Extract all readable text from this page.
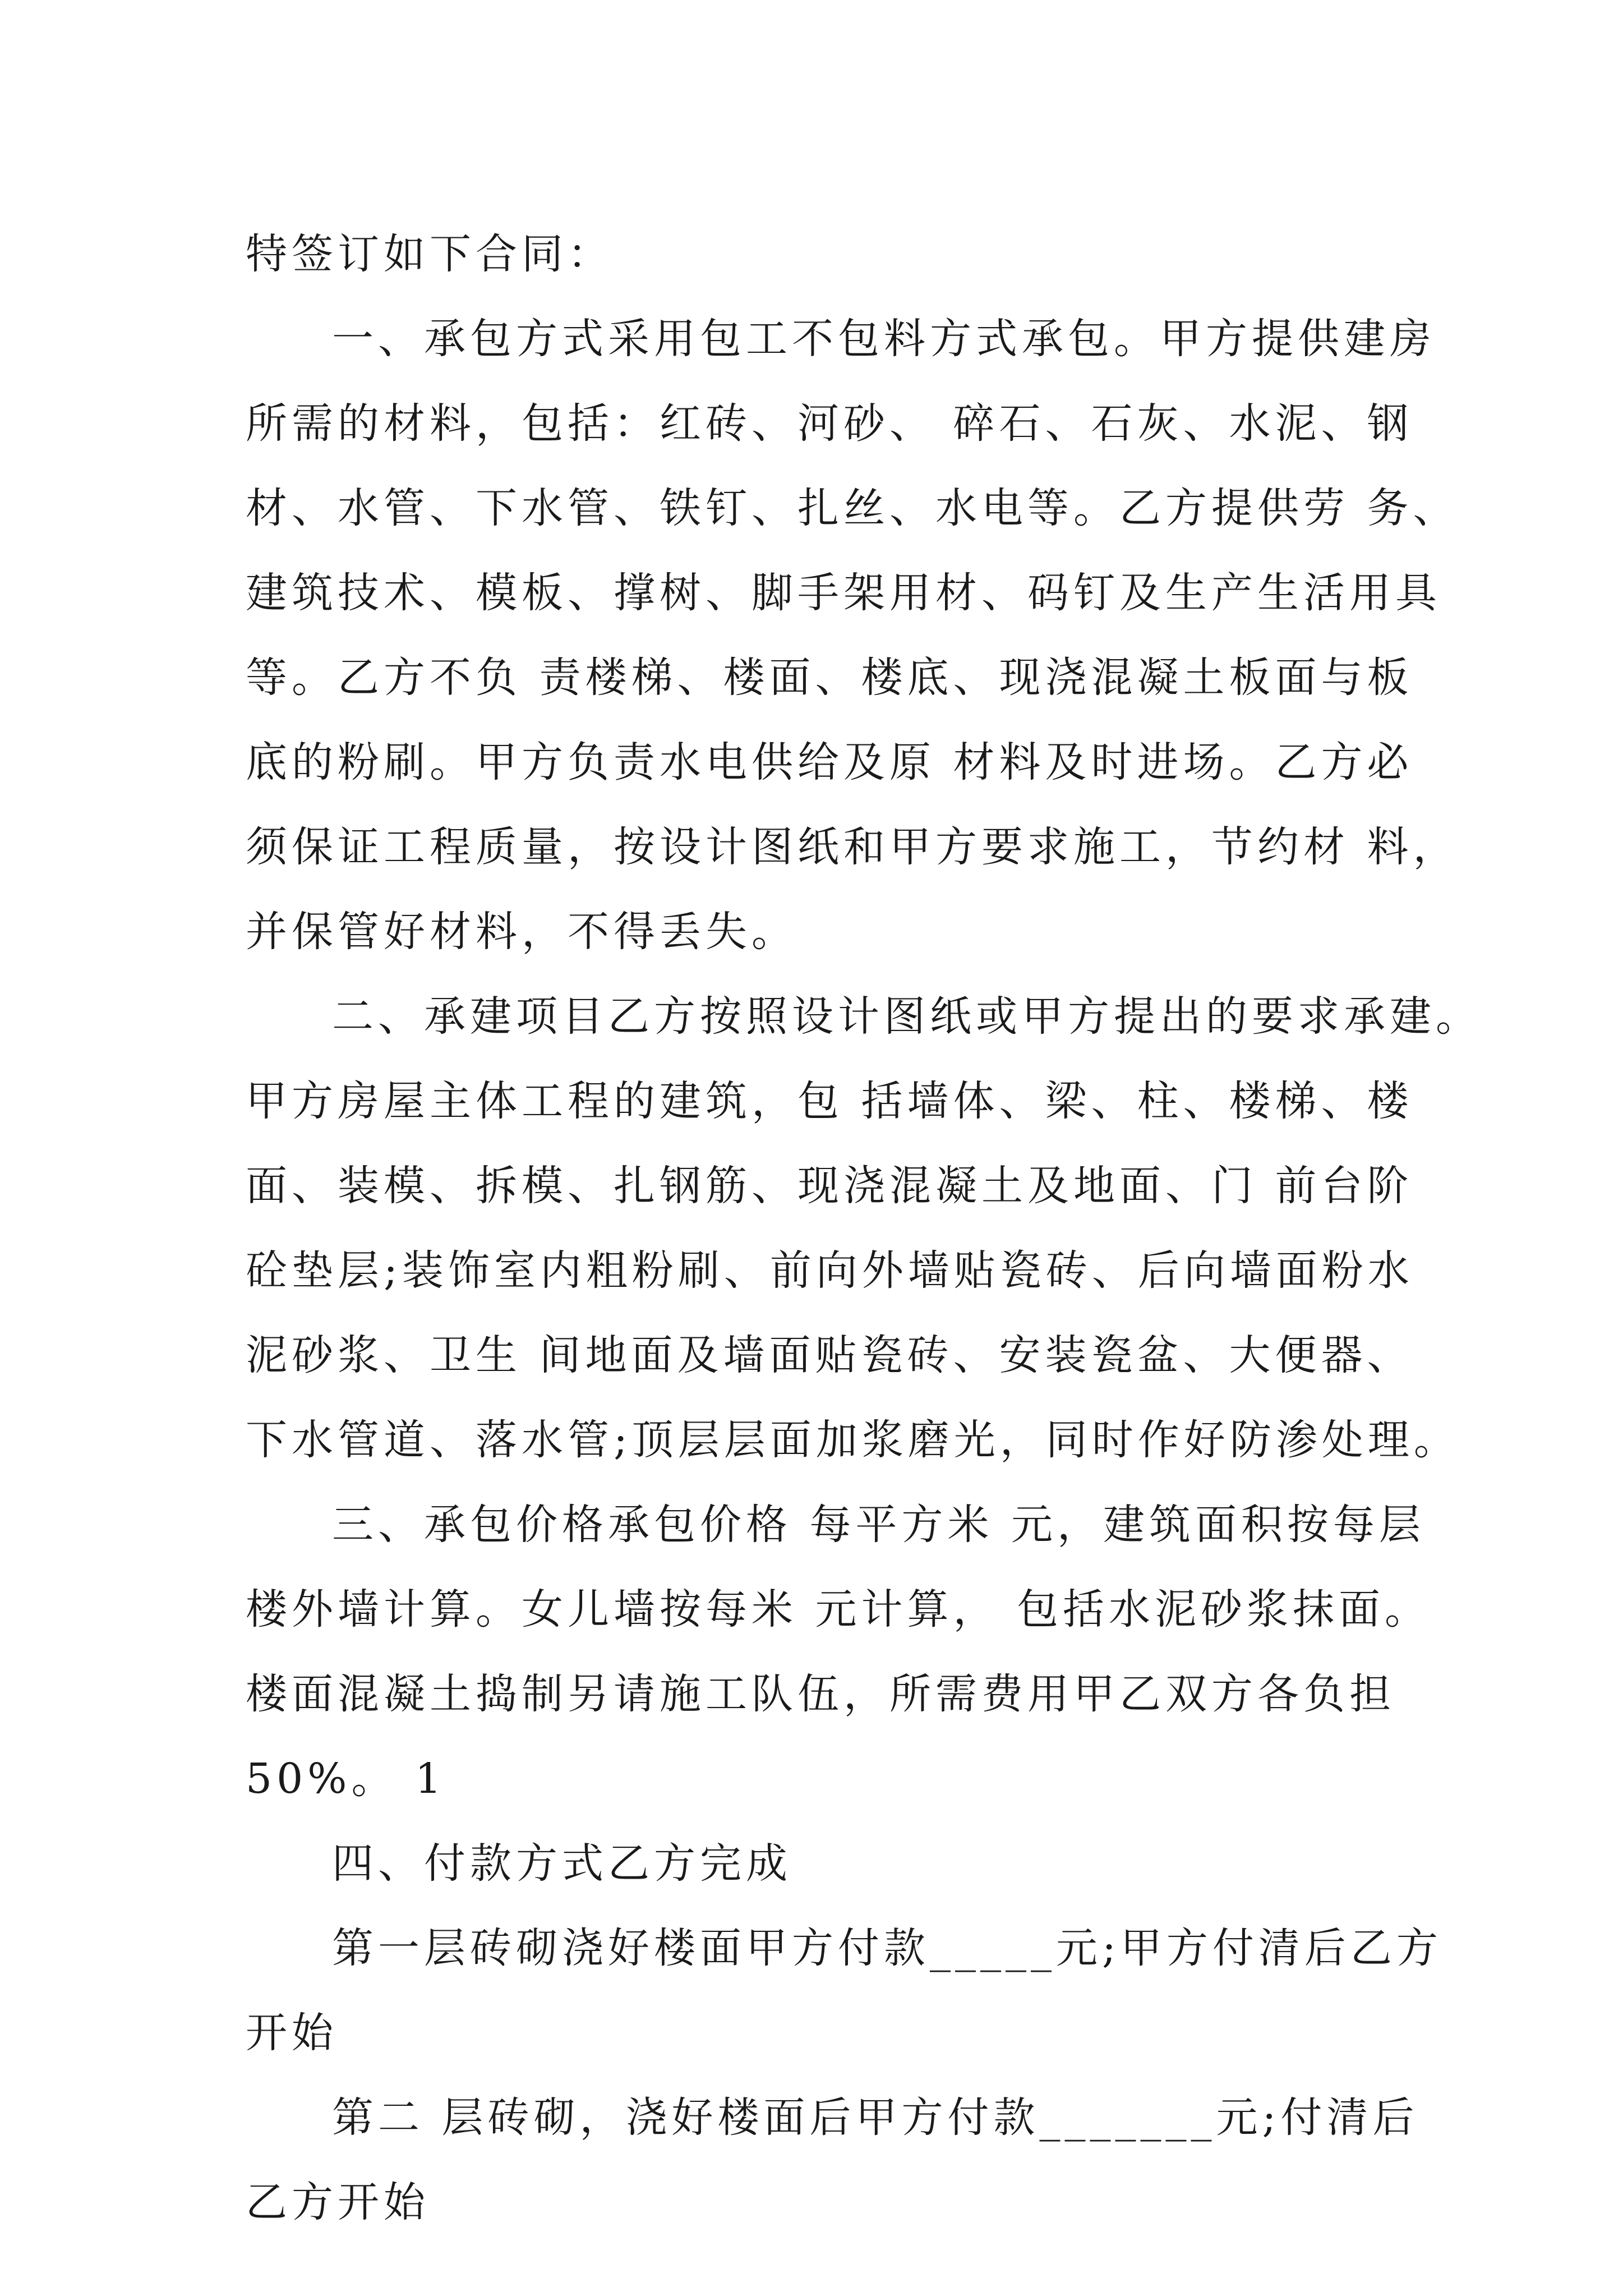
特签订如下合同：
一、承包方式采用包工不包料方式承包。甲方提供建房
所需的材料，包括：红砖、河砂、 碎石、石灰、水泥、钢
材、水管、下水管、铁钉、扎丝、水电等。乙方提供劳 务、
建筑技术、模板、撑树、脚手架用材、码钉及生产生活用具
等。乙方不负 责楼梯、楼面、楼底、现浇混凝土板面与板
底的粉刷。甲方负责水电供给及原 材料及时进场。乙方必
须保证工程质量，按设计图纸和甲方要求施工，节约材 料，
并保管好材料，不得丢失。
二、承建项目乙方按照设计图纸或甲方提出的要求承建。
甲方房屋主体工程的建筑，包 括墙体、梁、柱、楼梯、楼
面、装模、拆模、扎钢筋、现浇混凝土及地面、门 前台阶
砼垫层;装饰室内粗粉刷、前向外墙贴瓷砖、后向墙面粉水
泥砂浆、卫生 间地面及墙面贴瓷砖、安装瓷盆、大便器、
下水管道、落水管;顶层层面加浆磨光，同时作好防渗处理。
三、承包价格承包价格 每平方米 元，建筑面积按每层
楼外墙计算。女儿墙按每米 元计算， 包括水泥砂浆抹面。
楼面混凝土捣制另请施工队伍，所需费用甲乙双方各负担
50%。 1
四、付款方式乙方完成
第一层砖砌浇好楼面甲方付款_____元;甲方付清后乙方
开始
第二 层砖砌，浇好楼面后甲方付款_______元;付清后
乙方开始
